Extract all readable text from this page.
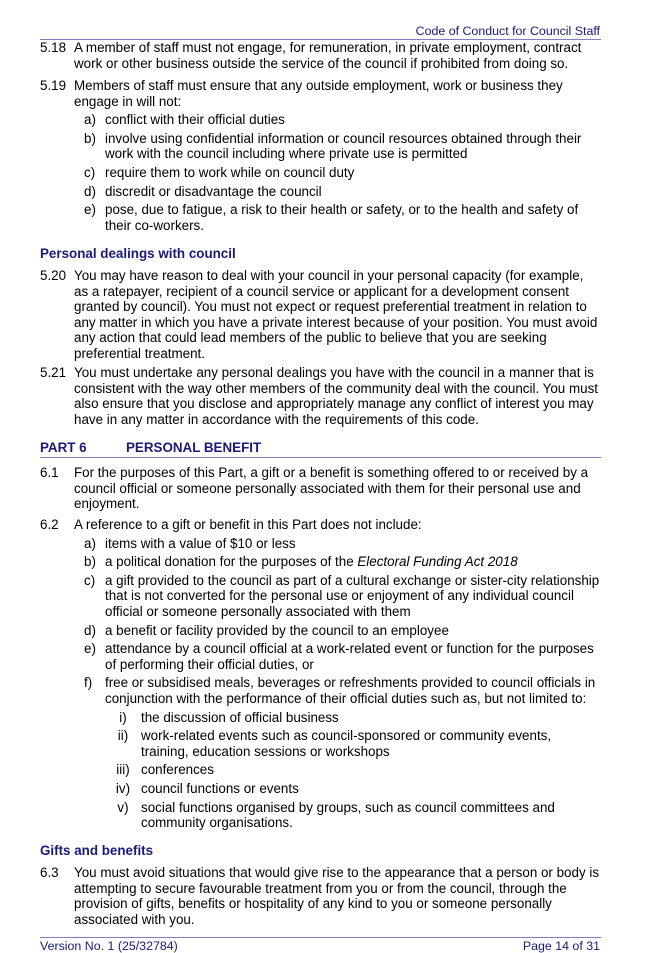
Code of Conduct for Council Staff
5.18 A member of staff must not engage, for remuneration, in private employment, contract work or other business outside the service of the council if prohibited from doing so.
5.19 Members of staff must ensure that any outside employment, work or business they engage in will not:
a) conflict with their official duties
b) involve using confidential information or council resources obtained through their work with the council including where private use is permitted
c) require them to work while on council duty
d) discredit or disadvantage the council
e) pose, due to fatigue, a risk to their health or safety, or to the health and safety of their co-workers.
Personal dealings with council
5.20 You may have reason to deal with your council in your personal capacity (for example, as a ratepayer, recipient of a council service or applicant for a development consent granted by council). You must not expect or request preferential treatment in relation to any matter in which you have a private interest because of your position. You must avoid any action that could lead members of the public to believe that you are seeking preferential treatment.
5.21 You must undertake any personal dealings you have with the council in a manner that is consistent with the way other members of the community deal with the council. You must also ensure that you disclose and appropriately manage any conflict of interest you may have in any matter in accordance with the requirements of this code.
PART 6	PERSONAL BENEFIT
6.1 For the purposes of this Part, a gift or a benefit is something offered to or received by a council official or someone personally associated with them for their personal use and enjoyment.
6.2 A reference to a gift or benefit in this Part does not include:
a) items with a value of $10 or less
b) a political donation for the purposes of the Electoral Funding Act 2018
c) a gift provided to the council as part of a cultural exchange or sister-city relationship that is not converted for the personal use or enjoyment of any individual council official or someone personally associated with them
d) a benefit or facility provided by the council to an employee
e) attendance by a council official at a work-related event or function for the purposes of performing their official duties, or
f) free or subsidised meals, beverages or refreshments provided to council officials in conjunction with the performance of their official duties such as, but not limited to:
i)	the discussion of official business
ii) work-related events such as council-sponsored or community events, training, education sessions or workshops
iii) conferences
iv) council functions or events
v) social functions organised by groups, such as council committees and community organisations.
Gifts and benefits
6.3 You must avoid situations that would give rise to the appearance that a person or body is attempting to secure favourable treatment from you or from the council, through the provision of gifts, benefits or hospitality of any kind to you or someone personally associated with you.
Version No. 1 (25/32784)	Page 14 of 31
